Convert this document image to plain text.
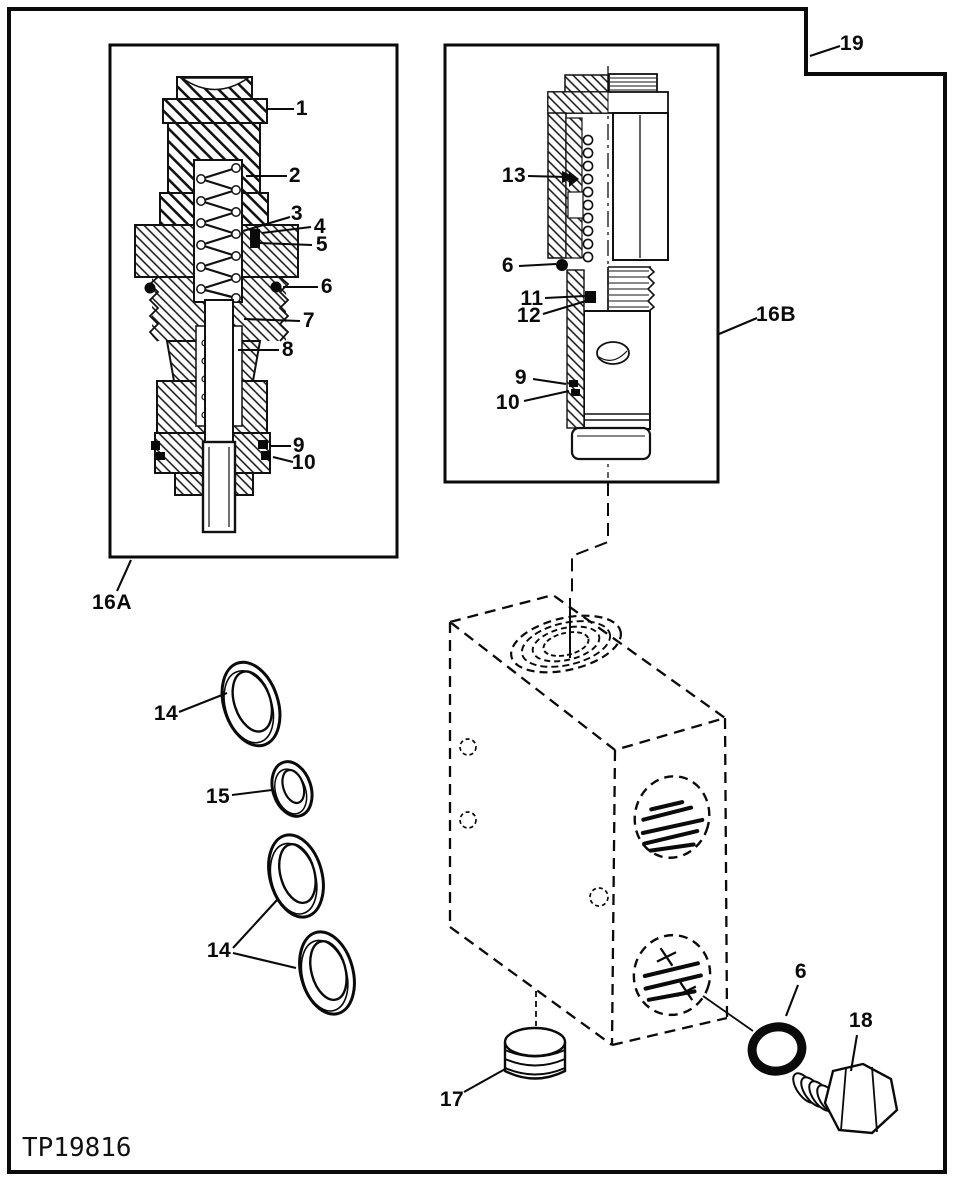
1
2
3
4
5
6
7
8
9
10
16A
13
6
11
12
9
10
16B
19
14
15
14
17
6
18
TP19816
